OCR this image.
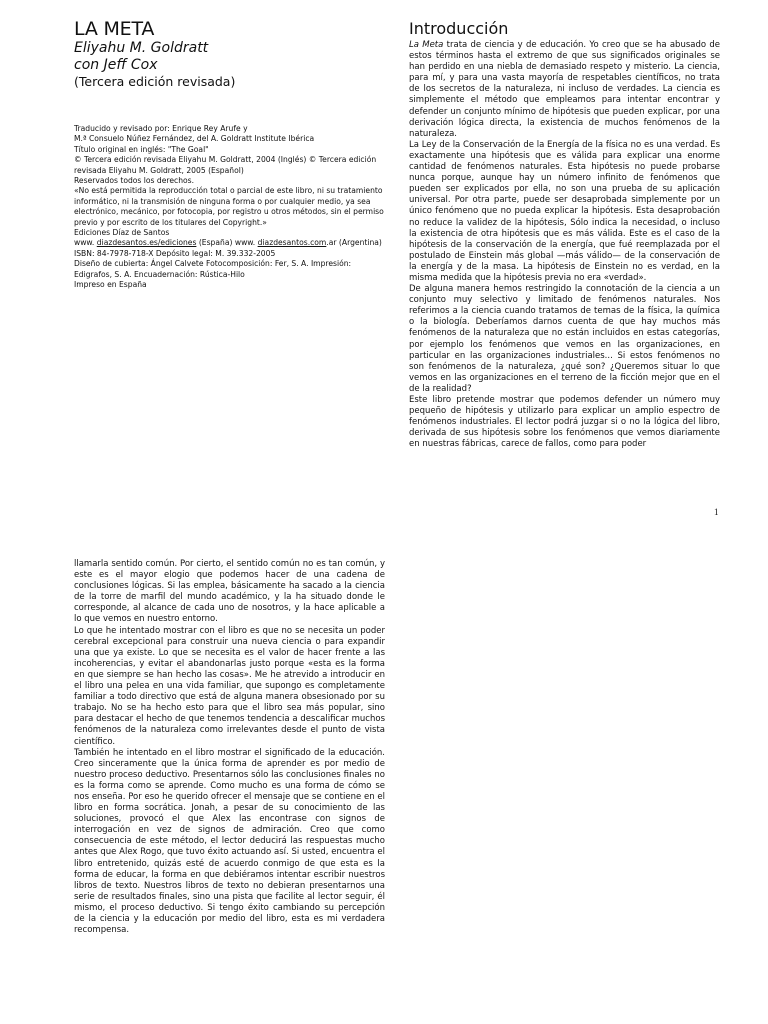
LA META

Eliyahu M. Goldratt

con Jeff Cox

(Tercera edición revisada)

Traducido y revisado por: Enrique Rey Arufe y

M.ª Consuelo Núñez Fernández, del A. Goldratt Institute Ibérica

Título original en inglés: "The Goal"

© Tercera edición revisada Eliyahu M. Goldratt, 2004 (Inglés) © Tercera edición revisada Eliyahu M. Goldratt, 2005 (Español)

Reservados todos los derechos.

«No está permitida la reproducción total o parcial de este libro, ni su tratamiento informático, ni la transmisión de ninguna forma o por cualquier medio, ya sea electrónico, mecánico, por fotocopia, por registro u otros métodos, sin el permiso previo y por escrito de los titulares del Copyright.»

Ediciones Díaz de Santos

www. diazdesantos.es/ediciones (España) www. diazdesantos.com.ar (Argentina)

ISBN: 84-7978-718-X Depósito legal: M. 39.332-2005

Diseño de cubierta: Ángel Calvete Fotocomposición: Fer, S. A. Impresión: Edigrafos, S. A. Encuadernación: Rústica-Hilo

Impreso en España

Introducción

La Meta trata de ciencia y de educación. Yo creo que se ha abusado de estos términos hasta el extremo de que sus significados originales se han perdido en una niebla de demasiado respeto y misterio. La ciencia, para mí, y para una vasta mayoría de respetables científicos, no trata de los secretos de la naturaleza, ni incluso de verdades. La ciencia es simplemente el método que empleamos para intentar encontrar y defender un conjunto mínimo de hipótesis que pueden explicar, por una derivación lógica directa, la existencia de muchos fenómenos de la naturaleza.

La Ley de la Conservación de la Energía de la física no es una verdad. Es exactamente una hipótesis que es válida para explicar una enorme cantidad de fenómenos naturales. Esta hipótesis no puede probarse nunca porque, aunque hay un número infinito de fenómenos que pueden ser explicados por ella, no son una prueba de su aplicación universal. Por otra parte, puede ser desaprobada simplemente por un único fenómeno que no pueda explicar la hipótesis. Esta desaprobación no reduce la validez de la hipótesis, Sólo indica la necesidad, o incluso la existencia de otra hipótesis que es más válida. Este es el caso de la hipótesis de la conservación de la energía, que fué reemplazada por el postulado de Einstein más global —más válido— de la conservación de la energía y de la masa. La hipótesis de Einstein no es verdad, en la misma medida que la hipótesis previa no era «verdad».

De alguna manera hemos restringido la connotación de la ciencia a un conjunto muy selectivo y limitado de fenómenos naturales. Nos referimos a la ciencia cuando tratamos de temas de la física, la química o la biología. Deberíamos darnos cuenta de que hay muchos más fenómenos de la naturaleza que no están incluidos en estas categorías, por ejemplo los fenómenos que vemos en las organizaciones, en particular en las organizaciones industriales... Si estos fenómenos no son fenómenos de la naturaleza, ¿qué son? ¿Queremos situar lo que vemos en las organizaciones en el terreno de la ficción mejor que en el de la realidad?

Este libro pretende mostrar que podemos defender un número muy pequeño de hipótesis y utilizarlo para explicar un amplio espectro de fenómenos industriales. El lector podrá juzgar si o no la lógica del libro, derivada de sus hipótesis sobre los fenómenos que vemos diariamente en nuestras fábricas, carece de fallos, como para poder

1

llamarla sentido común. Por cierto, el sentido común no es tan común, y este es el mayor elogio que podemos hacer de una cadena de conclusiones lógicas. Si las emplea, básicamente ha sacado a la ciencia de la torre de marfil del mundo académico, y la ha situado donde le corresponde, al alcance de cada uno de nosotros, y la hace aplicable a lo que vemos en nuestro entorno.

Lo que he intentado mostrar con el libro es que no se necesita un poder cerebral excepcional para construir una nueva ciencia o para expandir una que ya existe. Lo que se necesita es el valor de hacer frente a las incoherencias, y evitar el abandonarlas justo porque «esta es la forma en que siempre se han hecho las cosas». Me he atrevido a introducir en el libro una pelea en una vida familiar, que supongo es completamente familiar a todo directivo que está de alguna manera obsesionado por su trabajo. No se ha hecho esto para que el libro sea más popular, sino para destacar el hecho de que tenemos tendencia a descalificar muchos fenómenos de la naturaleza como irrelevantes desde el punto de vista científico.

También he intentado en el libro mostrar el significado de la educación. Creo sinceramente que la única forma de aprender es por medio de nuestro proceso deductivo. Presentarnos sólo las conclusiones finales no es la forma como se aprende. Como mucho es una forma de cómo se nos enseña. Por eso he querido ofrecer el mensaje que se contiene en el libro en forma socrática. Jonah, a pesar de su conocimiento de las soluciones, provocó el que Alex las encontrase con signos de interrogación en vez de signos de admiración. Creo que como consecuencia de este método, el lector deducirá las respuestas mucho antes que Alex Rogo, que tuvo éxito actuando así. Si usted, encuentra el libro entretenido, quizás esté de acuerdo conmigo de que esta es la forma de educar, la forma en que debiéramos intentar escribir nuestros libros de texto. Nuestros libros de texto no debieran presentarnos una serie de resultados finales, sino una pista que facilite al lector seguir, él mismo, el proceso deductivo. Si tengo éxito cambiando su percepción de la ciencia y la educación por medio del libro, esta es mi verdadera recompensa.
